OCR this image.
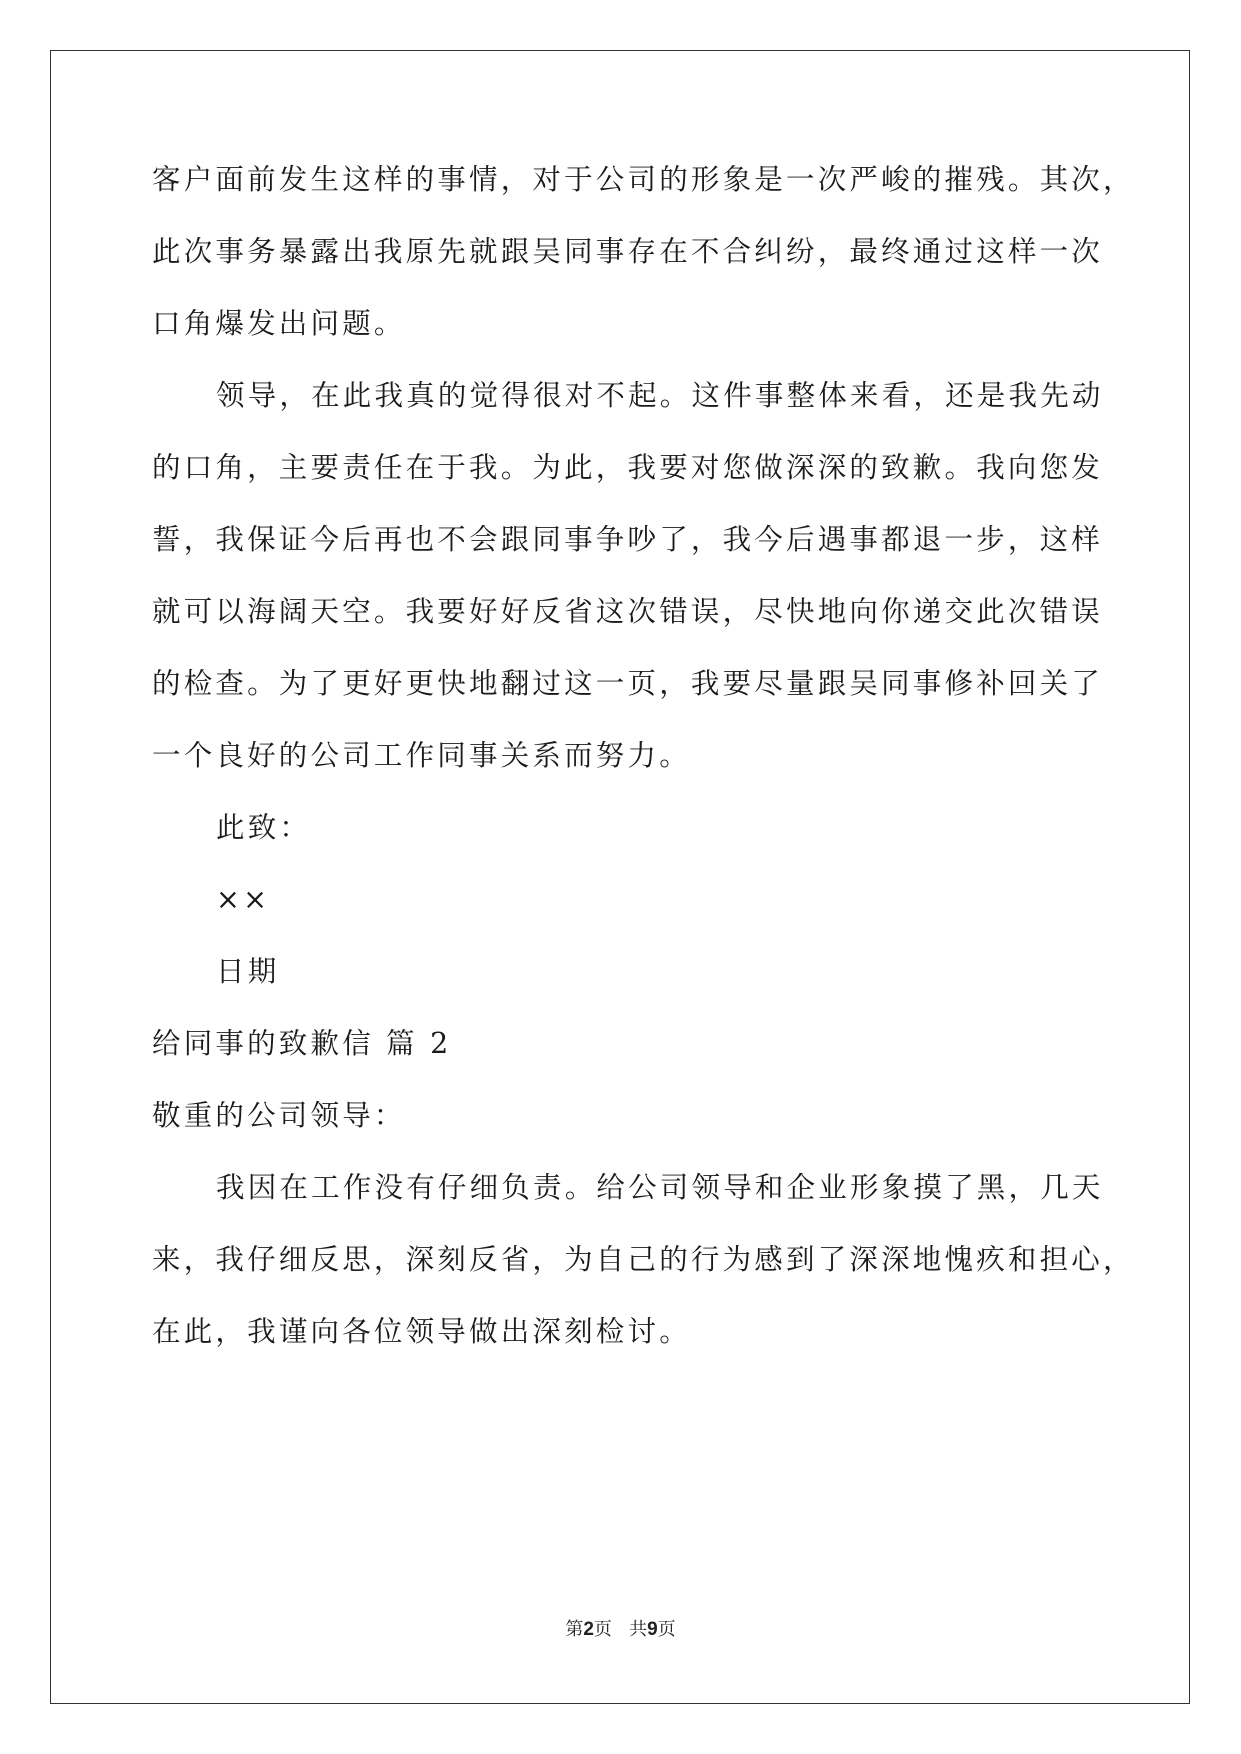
客户面前发生这样的事情，对于公司的形象是一次严峻的摧残。其次，
此次事务暴露出我原先就跟吴同事存在不合纠纷，最终通过这样一次
口角爆发出问题。
领导，在此我真的觉得很对不起。这件事整体来看，还是我先动
的口角，主要责任在于我。为此，我要对您做深深的致歉。我向您发
誓，我保证今后再也不会跟同事争吵了，我今后遇事都退一步，这样
就可以海阔天空。我要好好反省这次错误，尽快地向你递交此次错误
的检查。为了更好更快地翻过这一页，我要尽量跟吴同事修补回关了
一个良好的公司工作同事关系而努力。
此致：
××
日期
给同事的致歉信 篇 2
敬重的公司领导：
我因在工作没有仔细负责。给公司领导和企业形象摸了黑，几天
来，我仔细反思，深刻反省，为自己的行为感到了深深地愧疚和担心，
在此，我谨向各位领导做出深刻检讨。
第2页   共9页
